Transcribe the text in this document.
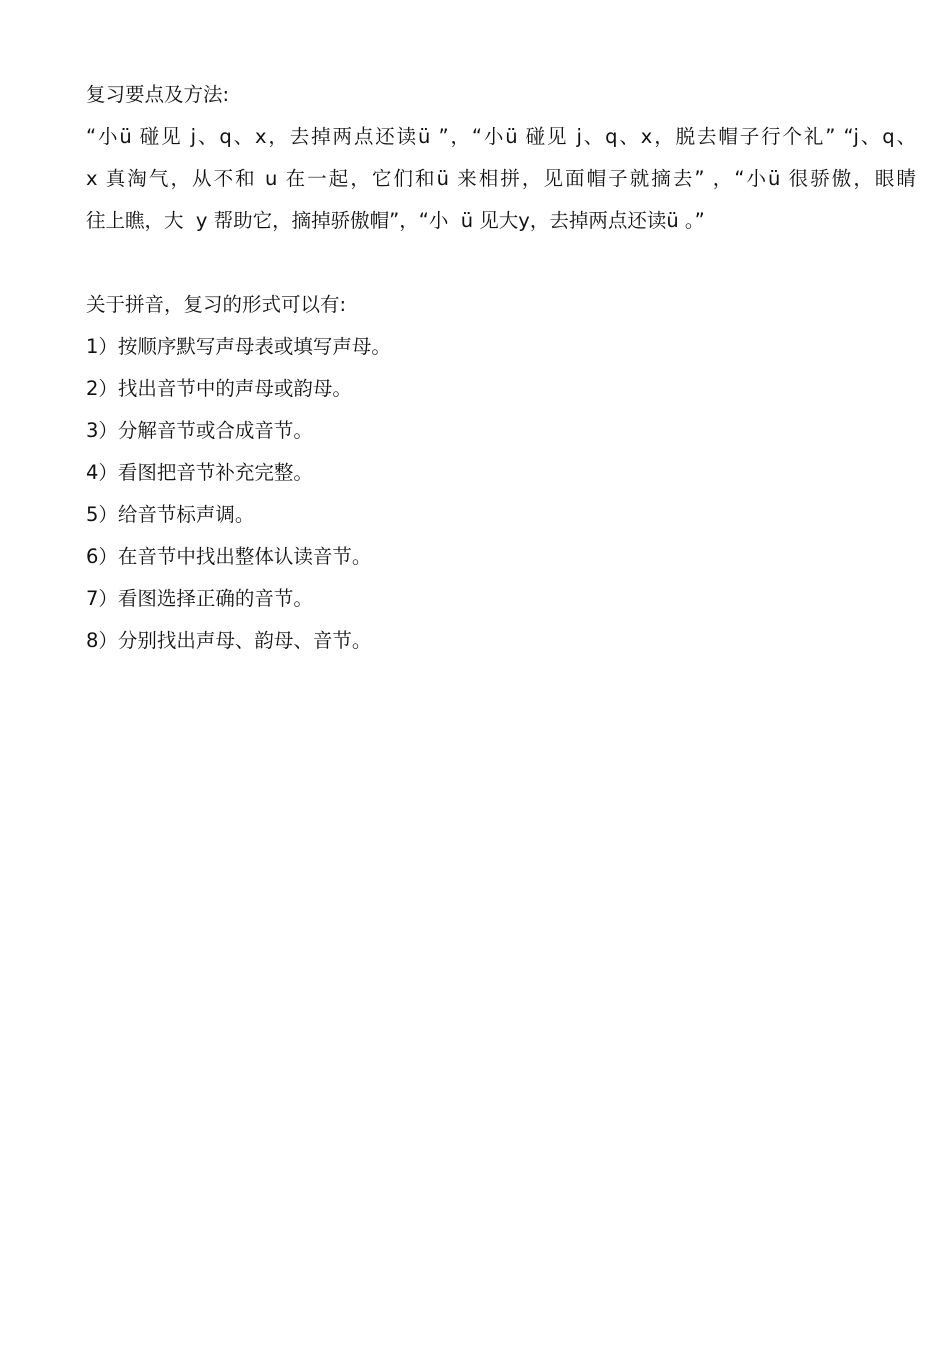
复习要点及方法:

“小ü 碰见 j、q、x，去掉两点还读ü ”，“小ü 碰见 j、q、x，脱去帽子行个礼” “j、q、

x 真淘气，从不和 u 在一起，它们和ü 来相拼，见面帽子就摘去” ，“小ü 很骄傲，眼睛

往上瞧，大  y 帮助它，摘掉骄傲帽”，“小  ü 见大y，去掉两点还读ü 。”

关于拼音，复习的形式可以有:

1）按顺序默写声母表或填写声母。

2）找出音节中的声母或韵母。

3）分解音节或合成音节。

4）看图把音节补充完整。

5）给音节标声调。

6）在音节中找出整体认读音节。

7）看图选择正确的音节。

8）分别找出声母、韵母、音节。
